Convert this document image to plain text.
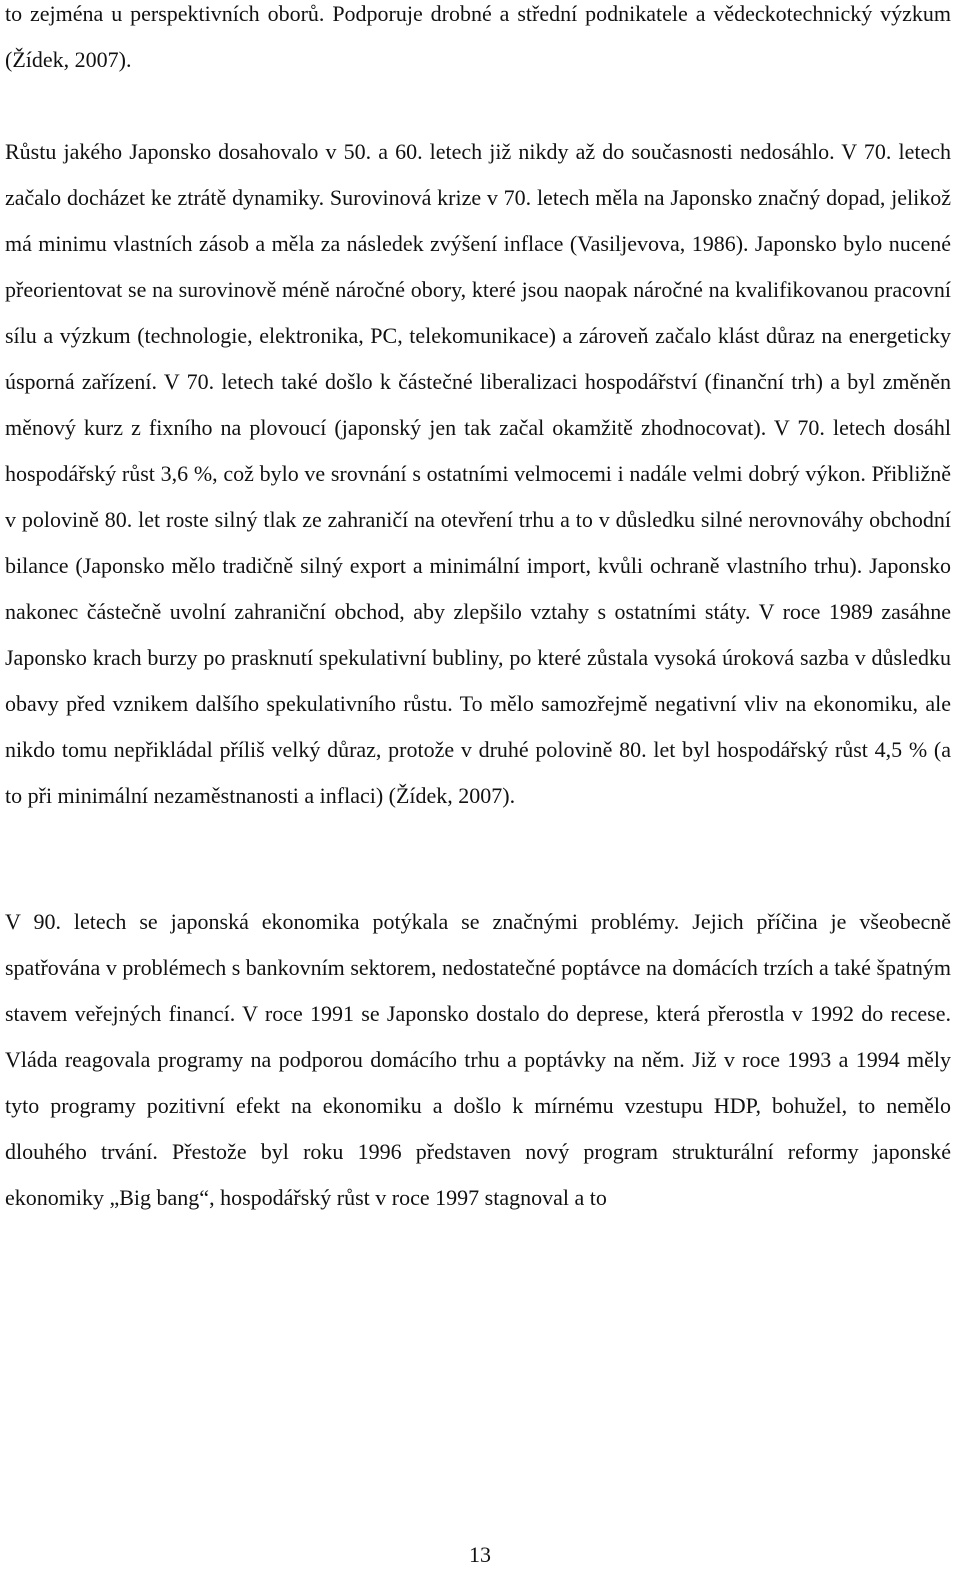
to zejména u perspektivních oborů. Podporuje drobné a střední podnikatele a vědeckotechnický výzkum (Žídek, 2007).

Růstu jakého Japonsko dosahovalo v 50. a 60. letech již nikdy až do současnosti nedosáhlo. V 70. letech začalo docházet ke ztrátě dynamiky. Surovinová krize v 70. letech měla na Japonsko značný dopad, jelikož má minimu vlastních zásob a měla za následek zvýšení inflace (Vasiljevova, 1986). Japonsko bylo nucené přeorientovat se na surovinově méně náročné obory, které jsou naopak náročné na kvalifikovanou pracovní sílu a výzkum (technologie, elektronika, PC, telekomunikace) a zároveň začalo klást důraz na energeticky úsporná zařízení. V 70. letech také došlo k částečné liberalizaci hospodářství (finanční trh) a byl změněn měnový kurz z fixního na plovoucí (japonský jen tak začal okamžitě zhodnocovat). V 70. letech dosáhl hospodářský růst 3,6 %, což bylo ve srovnání s ostatními velmocemi i nadále velmi dobrý výkon. Přibližně v polovině 80. let roste silný tlak ze zahraničí na otevření trhu a to v důsledku silné nerovnováhy obchodní bilance (Japonsko mělo tradičně silný export a minimální import, kvůli ochraně vlastního trhu). Japonsko nakonec částečně uvolní zahraniční obchod, aby zlepšilo vztahy s ostatními státy. V roce 1989 zasáhne Japonsko krach burzy po prasknutí spekulativní bubliny, po které zůstala vysoká úroková sazba v důsledku obavy před vznikem dalšího spekulativního růstu. To mělo samozřejmě negativní vliv na ekonomiku, ale nikdo tomu nepřikládal příliš velký důraz, protože v druhé polovině 80. let byl hospodářský růst 4,5 % (a to při minimální nezaměstnanosti a inflaci) (Žídek, 2007).

V 90. letech se japonská ekonomika potýkala se značnými problémy. Jejich příčina je všeobecně spatřována v problémech s bankovním sektorem, nedostatečné poptávce na domácích trzích a také špatným stavem veřejných financí. V roce 1991 se Japonsko dostalo do deprese, která přerostla v 1992 do recese. Vláda reagovala programy na podporou domácího trhu a poptávky na něm. Již v roce 1993 a 1994 měly tyto programy pozitivní efekt na ekonomiku a došlo k mírnému vzestupu HDP, bohužel, to nemělo dlouhého trvání. Přestože byl roku 1996 představen nový program strukturální reformy japonské ekonomiky „Big bang“, hospodářský růst v roce 1997 stagnoval a to

13
